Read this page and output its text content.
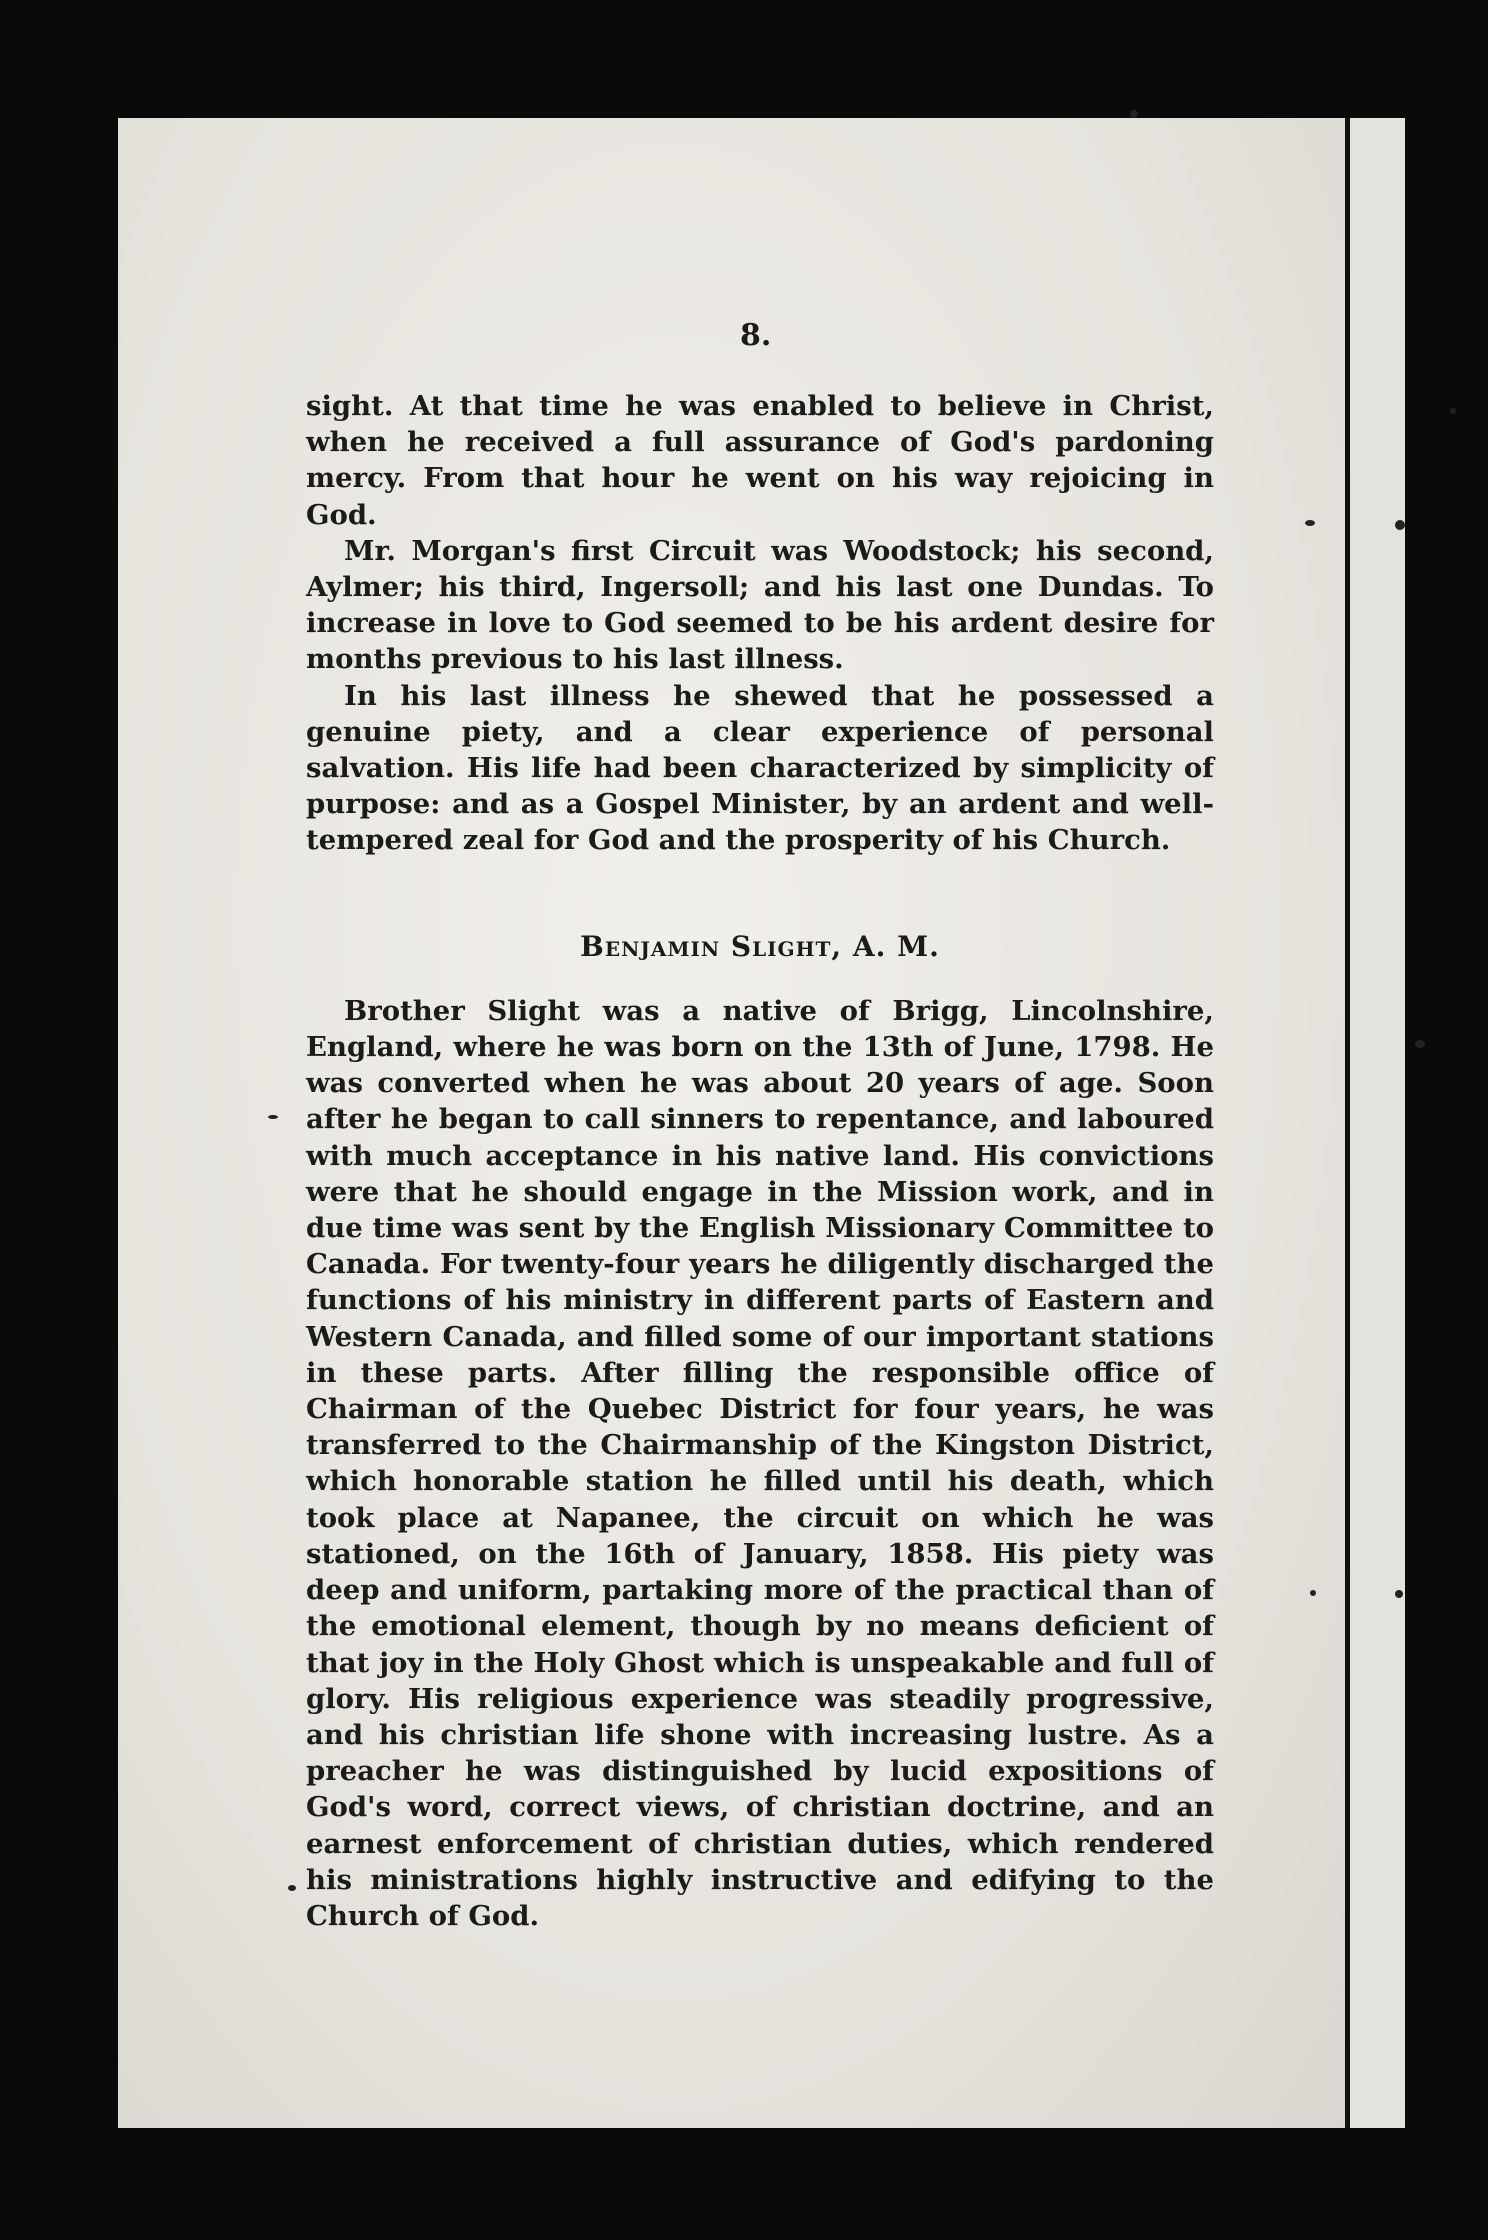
8.

sight. At that time he was enabled to believe in Christ, when he received a full assurance of God's pardoning mercy. From that hour he went on his way rejoicing in God.

Mr. Morgan's first Circuit was Woodstock; his second, Aylmer; his third, Ingersoll; and his last one Dundas. To increase in love to God seemed to be his ardent desire for months previous to his last illness.

In his last illness he shewed that he possessed a genuine piety, and a clear experience of personal salvation. His life had been characterized by simplicity of purpose: and as a Gospel Minister, by an ardent and well-tempered zeal for God and the prosperity of his Church.

Benjamin Slight, A. M.

Brother Slight was a native of Brigg, Lincolnshire, England, where he was born on the 13th of June, 1798. He was converted when he was about 20 years of age. Soon after he began to call sinners to repentance, and laboured with much acceptance in his native land. His convictions were that he should engage in the Mission work, and in due time was sent by the English Missionary Committee to Canada. For twenty-four years he diligently discharged the functions of his ministry in different parts of Eastern and Western Canada, and filled some of our important stations in these parts. After filling the responsible office of Chairman of the Quebec District for four years, he was transferred to the Chairmanship of the Kingston District, which honorable station he filled until his death, which took place at Napanee, the circuit on which he was stationed, on the 16th of January, 1858. His piety was deep and uniform, partaking more of the practical than of the emotional element, though by no means deficient of that joy in the Holy Ghost which is unspeakable and full of glory. His religious experience was steadily progressive, and his christian life shone with increasing lustre. As a preacher he was distinguished by lucid expositions of God's word, correct views, of christian doctrine, and an earnest enforcement of christian duties, which rendered his ministrations highly instructive and edifying to the Church of God.
